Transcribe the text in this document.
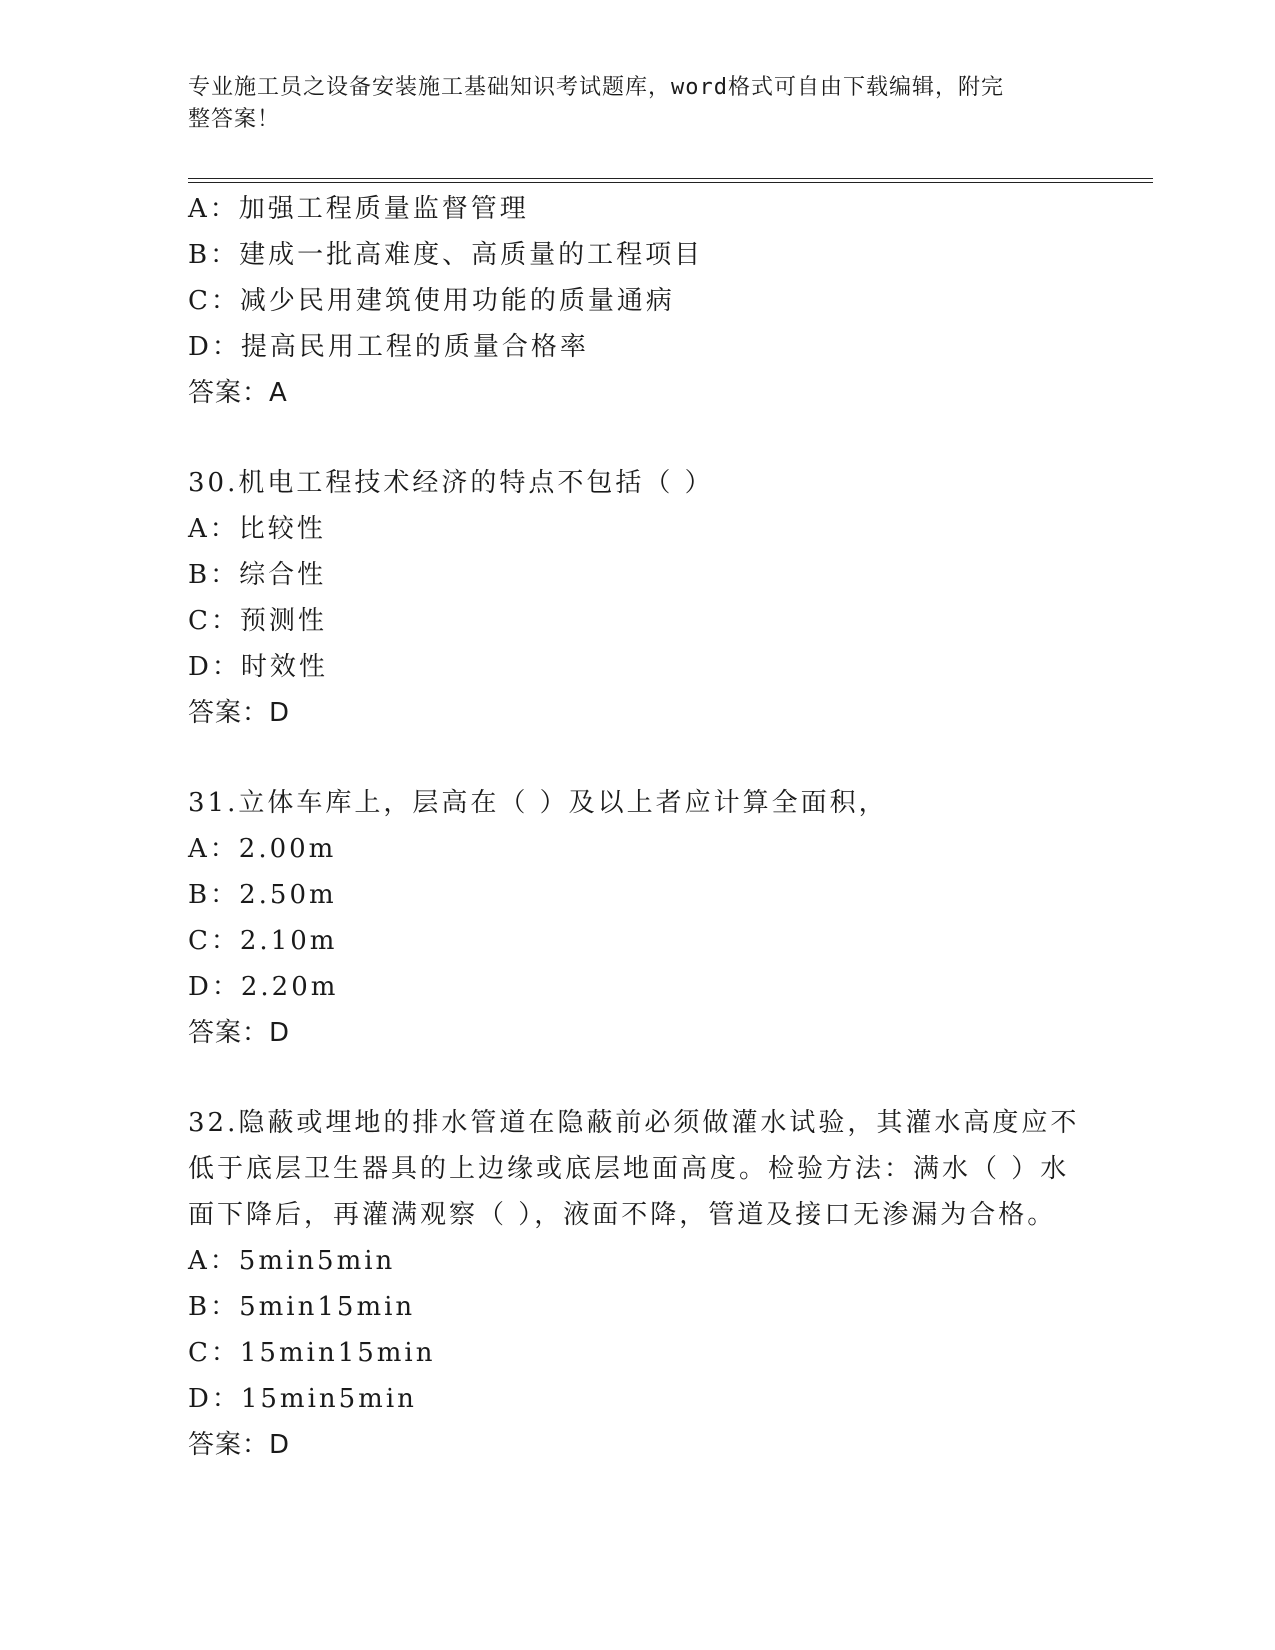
专业施工员之设备安装施工基础知识考试题库，word格式可自由下载编辑，附完
整答案！
A：加强工程质量监督管理
B：建成一批高难度、高质量的工程项目
C：减少民用建筑使用功能的质量通病
D：提高民用工程的质量合格率
答案：A
30.机电工程技术经济的特点不包括（ ）
A：比较性
B：综合性
C：预测性
D：时效性
答案：D
31.立体车库上，层高在（ ）及以上者应计算全面积，
A：2.00m
B：2.50m
C：2.10m
D：2.20m
答案：D
32.隐蔽或埋地的排水管道在隐蔽前必须做灌水试验，其灌水高度应不
低于底层卫生器具的上边缘或底层地面高度。检验方法：满水（ ）水
面下降后，再灌满观察（ ），液面不降，管道及接口无渗漏为合格。
A：5min5min
B：5min15min
C：15min15min
D：15min5min
答案：D
